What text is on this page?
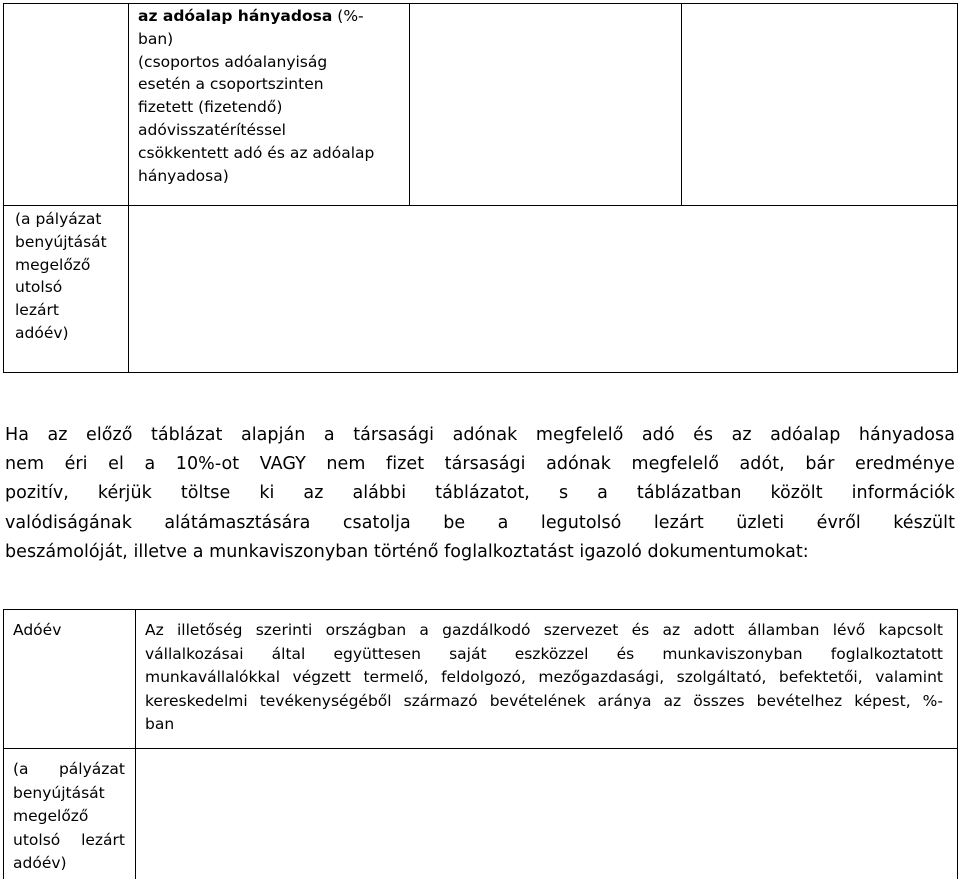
az adóalap hányadosa (%-
ban)
(csoportos adóalanyiság
esetén a csoportszinten
fizetett (fizetendő)
adóvisszatérítéssel
csökkentett adó és az adóalap
hányadosa)
(a pályázat
benyújtását
megelőző
utolsó
lezárt
adóév)
Ha az előző táblázat alapján a társasági adónak megfelelő adó és az adóalap hányadosa
nem éri el a 10%-ot VAGY nem fizet társasági adónak megfelelő adót, bár eredménye
pozitív, kérjük töltse ki az alábbi táblázatot, s a táblázatban közölt információk
valódiságának alátámasztására csatolja be a legutolsó lezárt üzleti évről készült
beszámolóját, illetve a munkaviszonyban történő foglalkoztatást igazoló dokumentumokat:
Adóév	Az illetőség szerinti országban a gazdálkodó szervezet és az adott államban lévő kapcsolt
vállalkozásai által együttesen saját eszközzel és munkaviszonyban foglalkoztatott
munkavállalókkal végzett termelő, feldolgozó, mezőgazdasági, szolgáltató, befektetői, valamint
kereskedelmi tevékenységéből származó bevételének aránya az összes bevételhez képest, %-
ban
(a pályázat
benyújtását
megelőző
utolsó lezárt
adóév)
